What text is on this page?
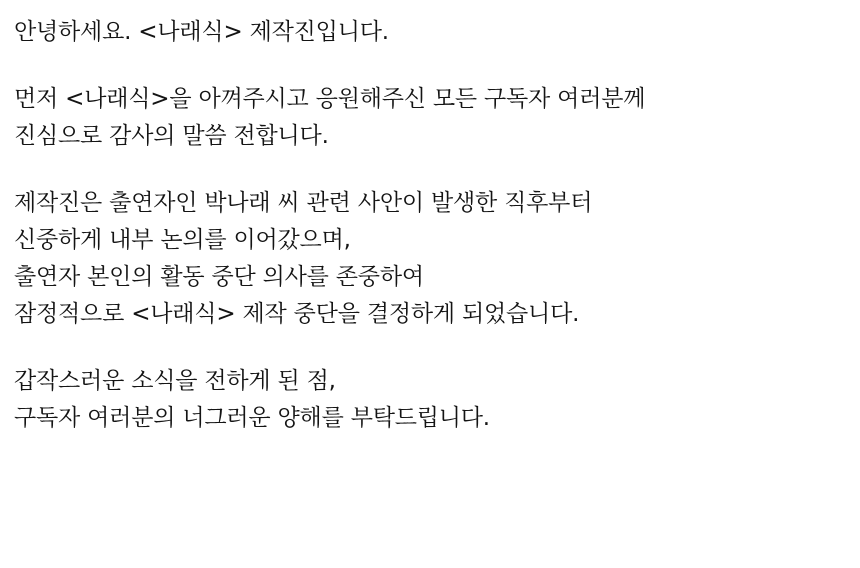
안녕하세요. <나래식> 제작진입니다.
먼저 <나래식>을 아껴주시고 응원해주신 모든 구독자 여러분께
진심으로 감사의 말씀 전합니다.
제작진은 출연자인 박나래 씨 관련 사안이 발생한 직후부터
신중하게 내부 논의를 이어갔으며,
출연자 본인의 활동 중단 의사를 존중하여
잠정적으로 <나래식> 제작 중단을 결정하게 되었습니다.
갑작스러운 소식을 전하게 된 점,
구독자 여러분의 너그러운 양해를 부탁드립니다.
